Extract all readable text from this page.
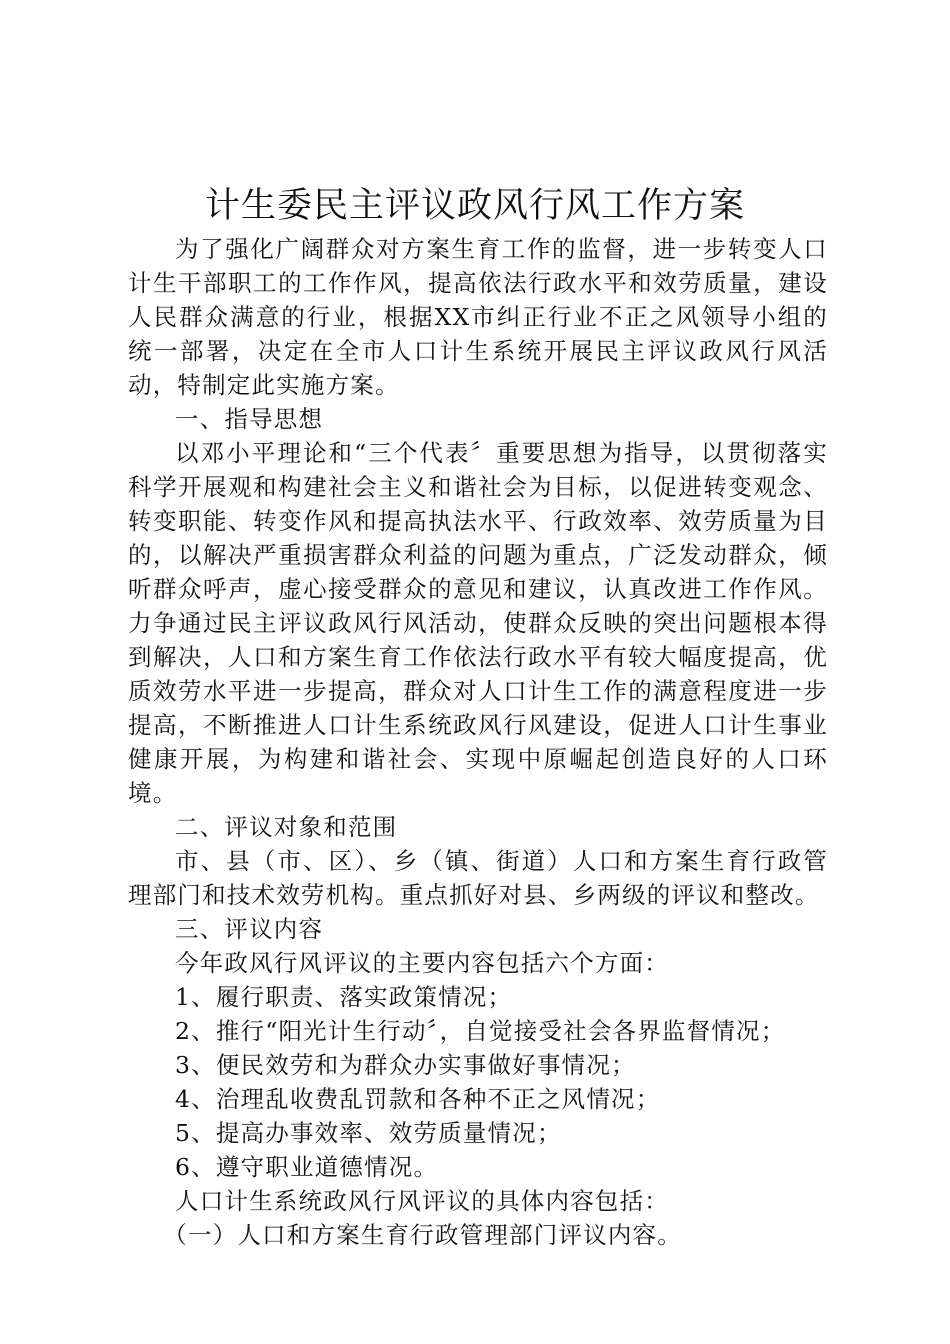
计生委民主评议政风行风工作方案

为了强化广阔群众对方案生育工作的监督，进一步转变人口计生干部职工的工作作风，提高依法行政水平和效劳质量，建设人民群众满意的行业，根据XX市纠正行业不正之风领导小组的统一部署，决定在全市人口计生系统开展民主评议政风行风活动，特制定此实施方案。

一、指导思想

以邓小平理论和“三个代表〞重要思想为指导，以贯彻落实科学开展观和构建社会主义和谐社会为目标，以促进转变观念、转变职能、转变作风和提高执法水平、行政效率、效劳质量为目的，以解决严重损害群众利益的问题为重点，广泛发动群众，倾听群众呼声，虚心接受群众的意见和建议，认真改进工作作风。力争通过民主评议政风行风活动，使群众反映的突出问题根本得到解决，人口和方案生育工作依法行政水平有较大幅度提高，优质效劳水平进一步提高，群众对人口计生工作的满意程度进一步提高，不断推进人口计生系统政风行风建设，促进人口计生事业健康开展，为构建和谐社会、实现中原崛起创造良好的人口环境。

二、评议对象和范围

市、县（市、区）、乡（镇、街道）人口和方案生育行政管理部门和技术效劳机构。重点抓好对县、乡两级的评议和整改。

三、评议内容

今年政风行风评议的主要内容包括六个方面：

1、履行职责、落实政策情况；

2、推行“阳光计生行动〞，自觉接受社会各界监督情况；

3、便民效劳和为群众办实事做好事情况；

4、治理乱收费乱罚款和各种不正之风情况；

5、提高办事效率、效劳质量情况；

6、遵守职业道德情况。

人口计生系统政风行风评议的具体内容包括：

（一）人口和方案生育行政管理部门评议内容。
